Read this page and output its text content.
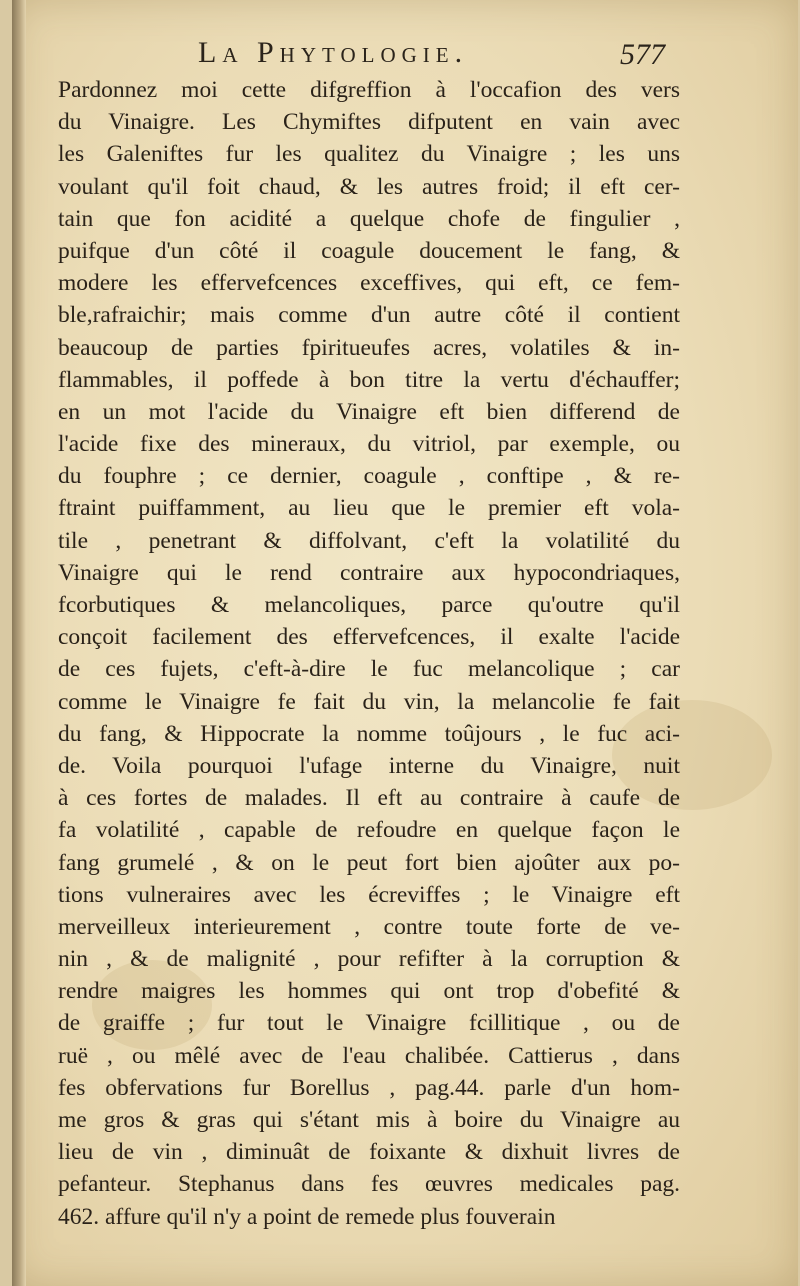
La Phytologie.	577
Pardonnez moi cette difgreffion à l'occafion des vers
du Vinaigre. Les Chymiftes difputent en vain avec
les Galeniftes fur les qualitez du Vinaigre ; les uns
voulant qu'il foit chaud, & les autres froid; il eft cer-
tain que fon acidité a quelque chofe de fingulier ,
puifque d'un côté il coagule doucement le fang, &
modere les effervefcences exceffives, qui eft, ce fem-
ble,rafraichir; mais comme d'un autre côté il contient
beaucoup de parties fpiritueufes acres, volatiles & in-
flammables, il poffede à bon titre la vertu d'échauffer;
en un mot l'acide du Vinaigre eft bien differend de
l'acide fixe des mineraux, du vitriol, par exemple, ou
du fouphre ; ce dernier, coagule , conftipe , & re-
ftraint puiffamment, au lieu que le premier eft vola-
tile , penetrant & diffolvant, c'eft la volatilité du
Vinaigre qui le rend contraire aux hypocondriaques,
fcorbutiques & melancoliques, parce qu'outre qu'il
conçoit facilement des effervefcences, il exalte l'acide
de ces fujets, c'eft-à-dire le fuc melancolique ; car
comme le Vinaigre fe fait du vin, la melancolie fe fait
du fang, & Hippocrate la nomme toûjours , le fuc aci-
de. Voila pourquoi l'ufage interne du Vinaigre, nuit
à ces fortes de malades. Il eft au contraire à caufe de
fa volatilité , capable de refoudre en quelque façon le
fang grumelé , & on le peut fort bien ajoûter aux po-
tions vulneraires avec les écreviffes ; le Vinaigre eft
merveilleux interieurement , contre toute forte de ve-
nin , & de malignité , pour refifter à la corruption &
rendre maigres les hommes qui ont trop d'obefité &
de graiffe ; fur tout le Vinaigre fcillitique , ou de
ruë , ou mêlé avec de l'eau chalibée. Cattierus , dans
fes obfervations fur Borellus , pag.44. parle d'un hom-
me gros & gras qui s'étant mis à boire du Vinaigre au
lieu de vin , diminuât de foixante & dixhuit livres de
pefanteur. Stephanus dans fes œuvres medicales pag.
462. affure qu'il n'y a point de remede plus fouverain
